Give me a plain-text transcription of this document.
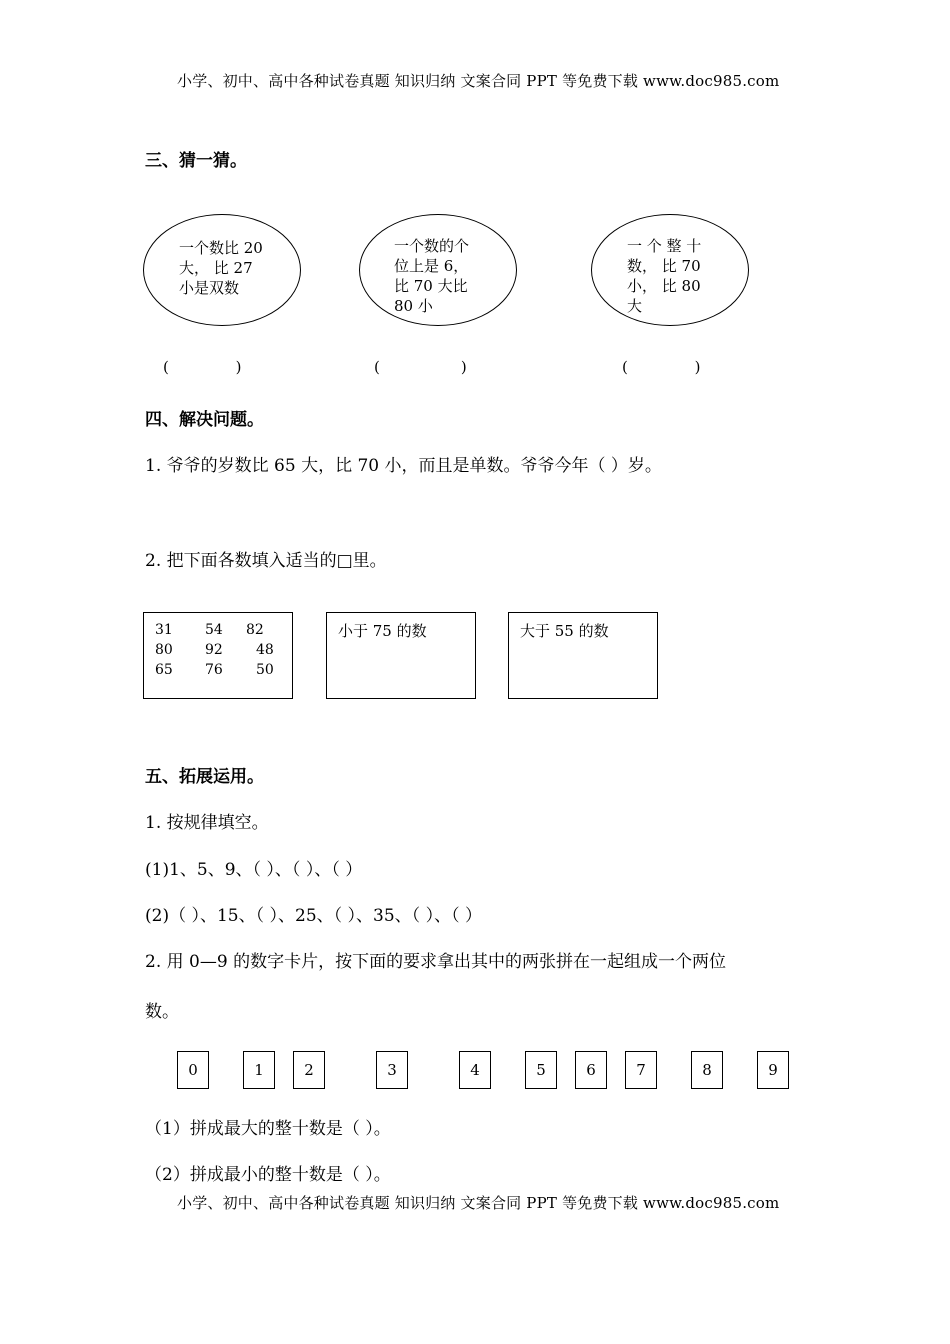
小学、初中、高中各种试卷真题 知识归纳 文案合同 PPT 等免费下载 www.doc985.com
三、猜一猜。
一个数比 20
大， 比 27
小是双数
一个数的个
位上是 6，
比 70 大比
80 小
一 个 整 十
数， 比 70
小， 比 80
大
(              )	(                 )	(              )
四、解决问题。
1. 爷爷的岁数比 65 大，比 70 小，而且是单数。爷爷今年（ ）岁。
2. 把下面各数填入适当的□里。
31 54 82
80 92 48
65 76 50
小于 75 的数	大于 55 的数
五、拓展运用。
1. 按规律填空。
(1)1、5、9、（ ）、（ ）、（ ）
(2)（ ）、15、（ ）、25、（ ）、35、（ ）、（ ）
2. 用 0—9 的数字卡片，按下面的要求拿出其中的两张拼在一起组成一个两位
数。
0	1	2	3	4	5	6	7	8	9
（1）拼成最大的整十数是（ ）。
（2）拼成最小的整十数是（ ）。
小学、初中、高中各种试卷真题 知识归纳 文案合同 PPT 等免费下载 www.doc985.com
